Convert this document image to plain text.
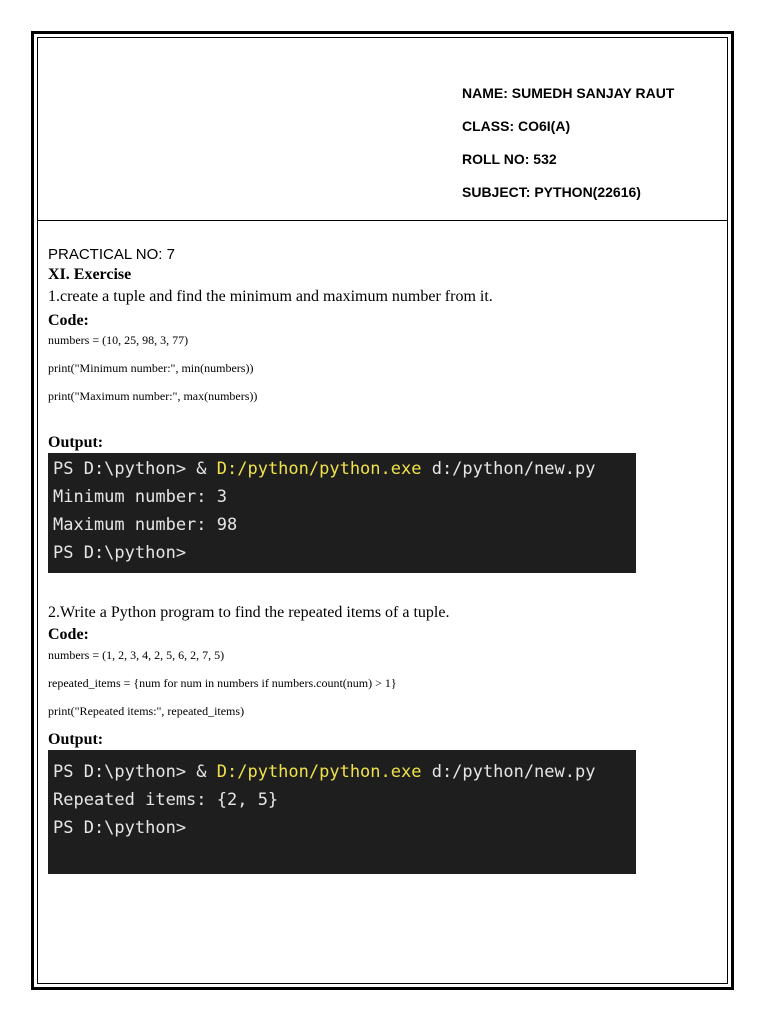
NAME: SUMEDH SANJAY RAUT
CLASS: CO6I(A)
ROLL NO: 532
SUBJECT: PYTHON(22616)
PRACTICAL NO: 7
XI. Exercise
1.create a tuple and find the minimum and maximum number from it.
Code:
numbers = (10, 25, 98, 3, 77)
print("Minimum number:", min(numbers))
print("Maximum number:", max(numbers))
Output:
PS D:\python> & D:/python/python.exe d:/python/new.py
Minimum number: 3
Maximum number: 98
PS D:\python>
2.Write a Python program to find the repeated items of a tuple.
Code:
numbers = (1, 2, 3, 4, 2, 5, 6, 2, 7, 5)
repeated_items = {num for num in numbers if numbers.count(num) > 1}
print("Repeated items:", repeated_items)
Output:
PS D:\python> & D:/python/python.exe d:/python/new.py
Repeated items: {2, 5}
PS D:\python>
